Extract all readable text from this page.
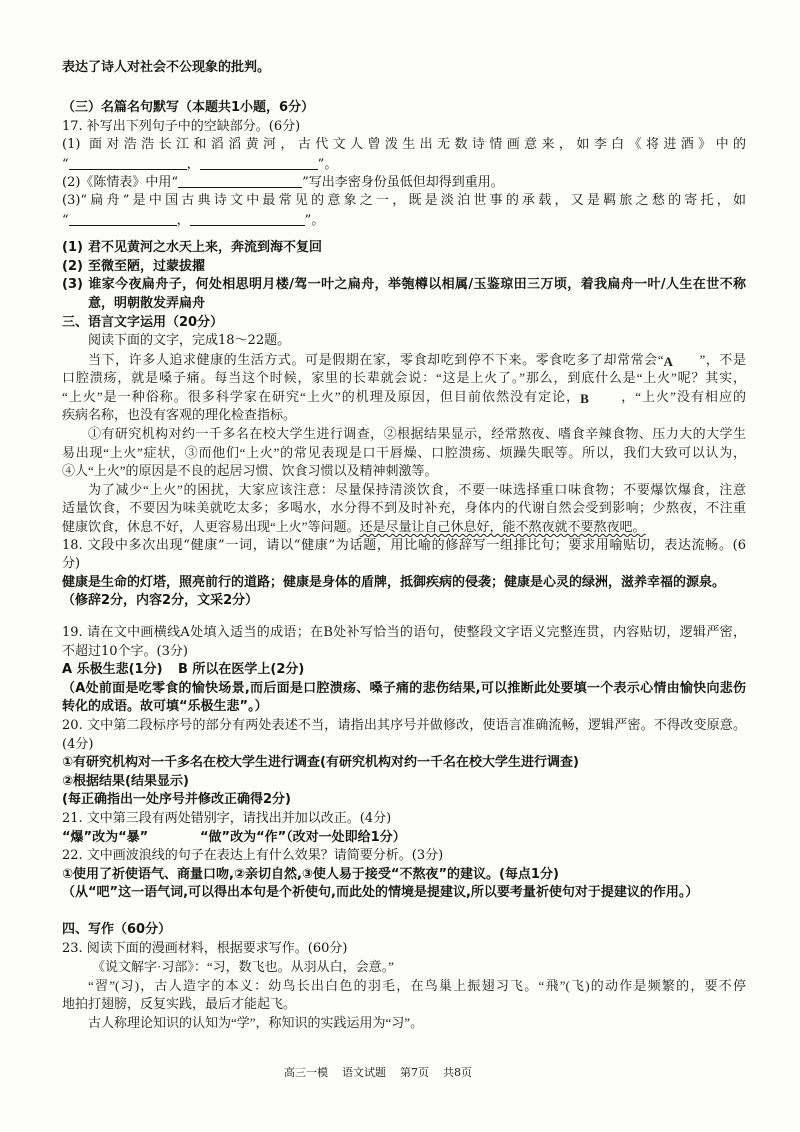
表达了诗人对社会不公现象的批判。
（三）名篇名句默写（本题共1小题，6分）
17. 补写出下列句子中的空缺部分。(6分)
(1) 面对浩浩长江和滔滔黄河，古代文人曾泼生出无数诗情画意来，如李白《将进酒》中的
“	，	”。
(2)《陈情表》中用“	”写出李密身份虽低但却得到重用。
(3)“扁舟”是中国古典诗文中最常见的意象之一，既是淡泊世事的承载，又是羁旅之愁的寄托，如
“	，	”。
(1) 君不见黄河之水天上来，奔流到海不复回
(2) 至微至陋，过蒙拔擢
(3) 谁家今夜扁舟子，何处相思明月楼/驾一叶之扁舟，举匏樽以相属/玉鉴琼田三万顷，着我扁舟一叶/人生在世不称
意，明朝散发弄扁舟
三、语言文字运用（20分）
阅读下面的文字，完成18～22题。
当下，许多人追求健康的生活方式。可是假期在家，零食却吃到停不下来。零食吃多了却常常会“A ”，不是
口腔溃疡，就是嗓子痛。每当这个时候，家里的长辈就会说：“这是上火了。”那么，到底什么是“上火”呢？其实，
“上火”是一种俗称。很多科学家在研究“上火”的机理及原因，但目前依然没有定论，B ，“上火”没有相应的
疾病名称，也没有客观的理化检查指标。
①有研究机构对约一千多名在校大学生进行调查，②根据结果显示，经常熬夜、嗜食辛辣食物、压力大的大学生
易出现“上火”症状，③而他们“上火”的常见表现是口干唇燥、口腔溃疡、烦躁失眠等。所以，我们大致可以认为，
④人“上火”的原因是不良的起居习惯、饮食习惯以及精神刺激等。
为了减少“上火”的困扰，大家应该注意：尽量保持清淡饮食，不要一味选择重口味食物；不要爆饮爆食，注意
适量饮食，不要因为味美就吃太多；多喝水，水分得不到及时补充，身体内的代谢自然会受到影响；少熬夜，不注重
健康饮食，休息不好，人更容易出现“上火”等问题。还是尽量让自己休息好，能不熬夜就不要熬夜吧。
18. 文段中多次出现“健康”一词，请以“健康”为话题，用比喻的修辞写一组排比句；要求用喻贴切，表达流畅。(6
分)
健康是生命的灯塔，照亮前行的道路；健康是身体的盾牌，抵御疾病的侵袭；健康是心灵的绿洲，滋养幸福的源泉。
（修辞2分，内容2分，文采2分）
19. 请在文中画横线A处填入适当的成语；在B处补写恰当的语句，使整段文字语义完整连贯，内容贴切，逻辑严密，
不超过10个字。(3分)
A 乐极生悲(1分) B 所以在医学上(2分)
（A处前面是吃零食的愉快场景,而后面是口腔溃疡、嗓子痛的悲伤结果,可以推断此处要填一个表示心情由愉快向悲伤
转化的成语。故可填“乐极生悲”。）
20. 文中第二段标序号的部分有两处表述不当，请指出其序号并做修改，使语言准确流畅，逻辑严密。不得改变原意。
(4分)
①有研究机构对一千多名在校大学生进行调查(有研究机构对约一千名在校大学生进行调查)
②根据结果(结果显示)
(每正确指出一处序号并修改正确得2分)
21. 文中第三段有两处错别字，请找出并加以改正。(4分)
“爆”改为“暴”	“做”改为“作”（改对一处即给1分）
22. 文中画波浪线的句子在表达上有什么效果？请简要分析。(3分)
①使用了祈使语气、商量口吻,②亲切自然,③使人易于接受“不熬夜”的建议。(每点1分)
（从“吧”这一语气词,可以得出本句是个祈使句,而此处的情境是提建议,所以要考量祈使句对于提建议的作用。）
四、写作（60分）
23. 阅读下面的漫画材料，根据要求写作。(60分)
《说文解字·习部》：“习，数飞也。从羽从白，会意。”
“習”(习)，古人造字的本义：幼鸟长出白色的羽毛，在鸟巢上振翅习飞。“飛”(飞)的动作是频繁的，要不停
地拍打翅膀，反复实践，最后才能起飞。
古人称理论知识的认知为“学”，称知识的实践运用为“习”。
高三一模 语文试题 第7页 共8页
